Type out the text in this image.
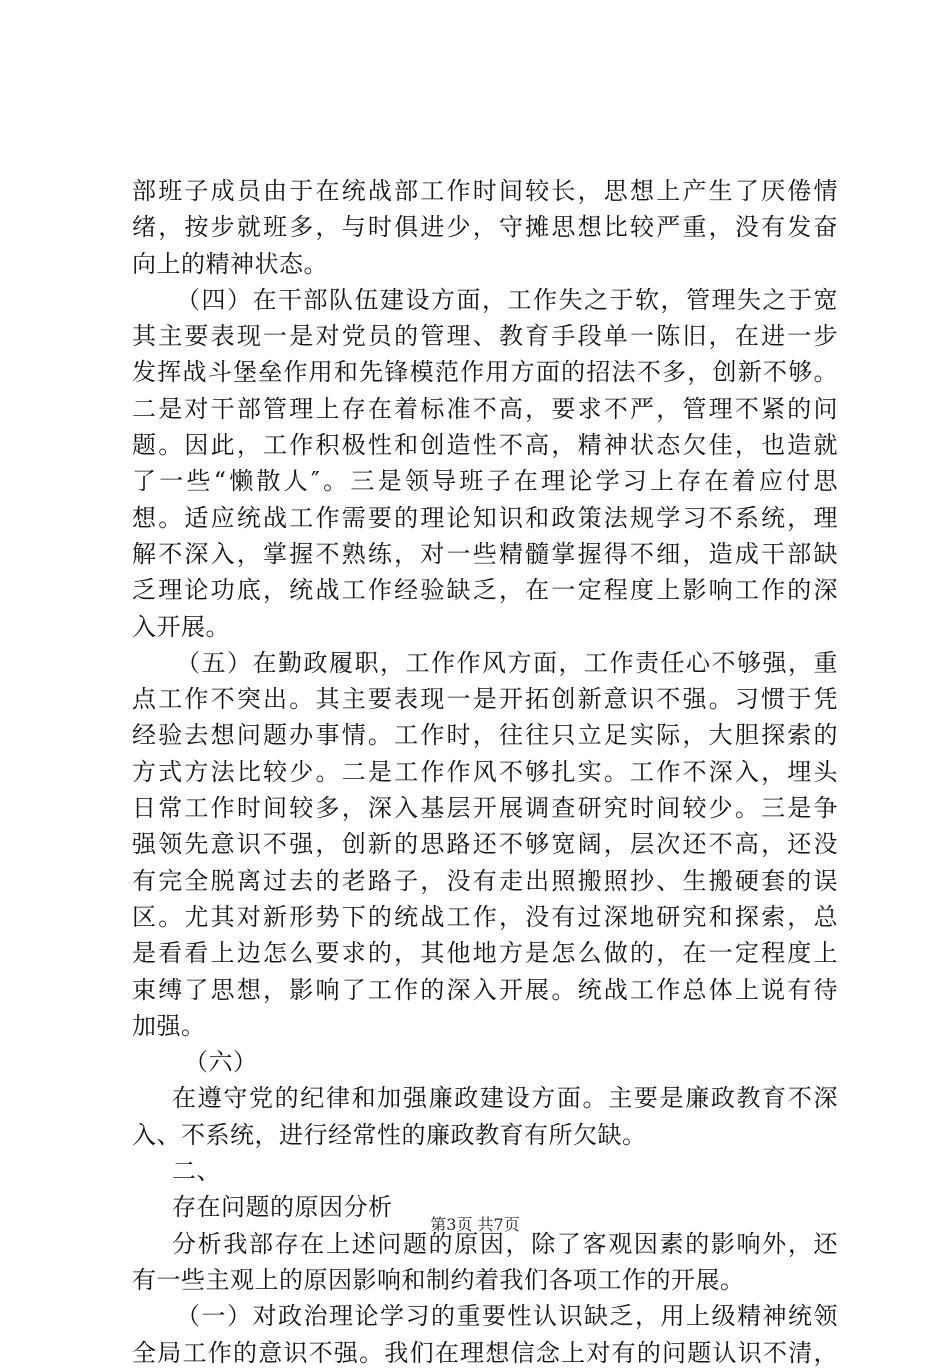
部班子成员由于在统战部工作时间较长，思想上产生了厌倦情
绪，按步就班多，与时俱进少，守摊思想比较严重，没有发奋
向上的精神状态。
（四）在干部队伍建设方面，工作失之于软，管理失之于宽
其主要表现一是对党员的管理、教育手段单一陈旧，在进一步
发挥战斗堡垒作用和先锋模范作用方面的招法不多，创新不够。
二是对干部管理上存在着标准不高，要求不严，管理不紧的问
题。因此，工作积极性和创造性不高，精神状态欠佳，也造就
了一些“懒散人″。三是领导班子在理论学习上存在着应付思
想。适应统战工作需要的理论知识和政策法规学习不系统，理
解不深入，掌握不熟练，对一些精髓掌握得不细，造成干部缺
乏理论功底，统战工作经验缺乏，在一定程度上影响工作的深
入开展。
（五）在勤政履职，工作作风方面，工作责任心不够强，重
点工作不突出。其主要表现一是开拓创新意识不强。习惯于凭
经验去想问题办事情。工作时，往往只立足实际，大胆探索的
方式方法比较少。二是工作作风不够扎实。工作不深入，埋头
日常工作时间较多，深入基层开展调查研究时间较少。三是争
强领先意识不强，创新的思路还不够宽阔，层次还不高，还没
有完全脱离过去的老路子，没有走出照搬照抄、生搬硬套的误
区。尤其对新形势下的统战工作，没有过深地研究和探索，总
是看看上边怎么要求的，其他地方是怎么做的，在一定程度上
束缚了思想，影响了工作的深入开展。统战工作总体上说有待
加强。
（六）
在遵守党的纪律和加强廉政建设方面。主要是廉政教育不深
入、不系统，进行经常性的廉政教育有所欠缺。
二、
存在问题的原因分析
分析我部存在上述问题的原因，除了客观因素的影响外，还
有一些主观上的原因影响和制约着我们各项工作的开展。
（一）对政治理论学习的重要性认识缺乏，用上级精神统领
全局工作的意识不强。我们在理想信念上对有的问题认识不清，
第3页 共7页
